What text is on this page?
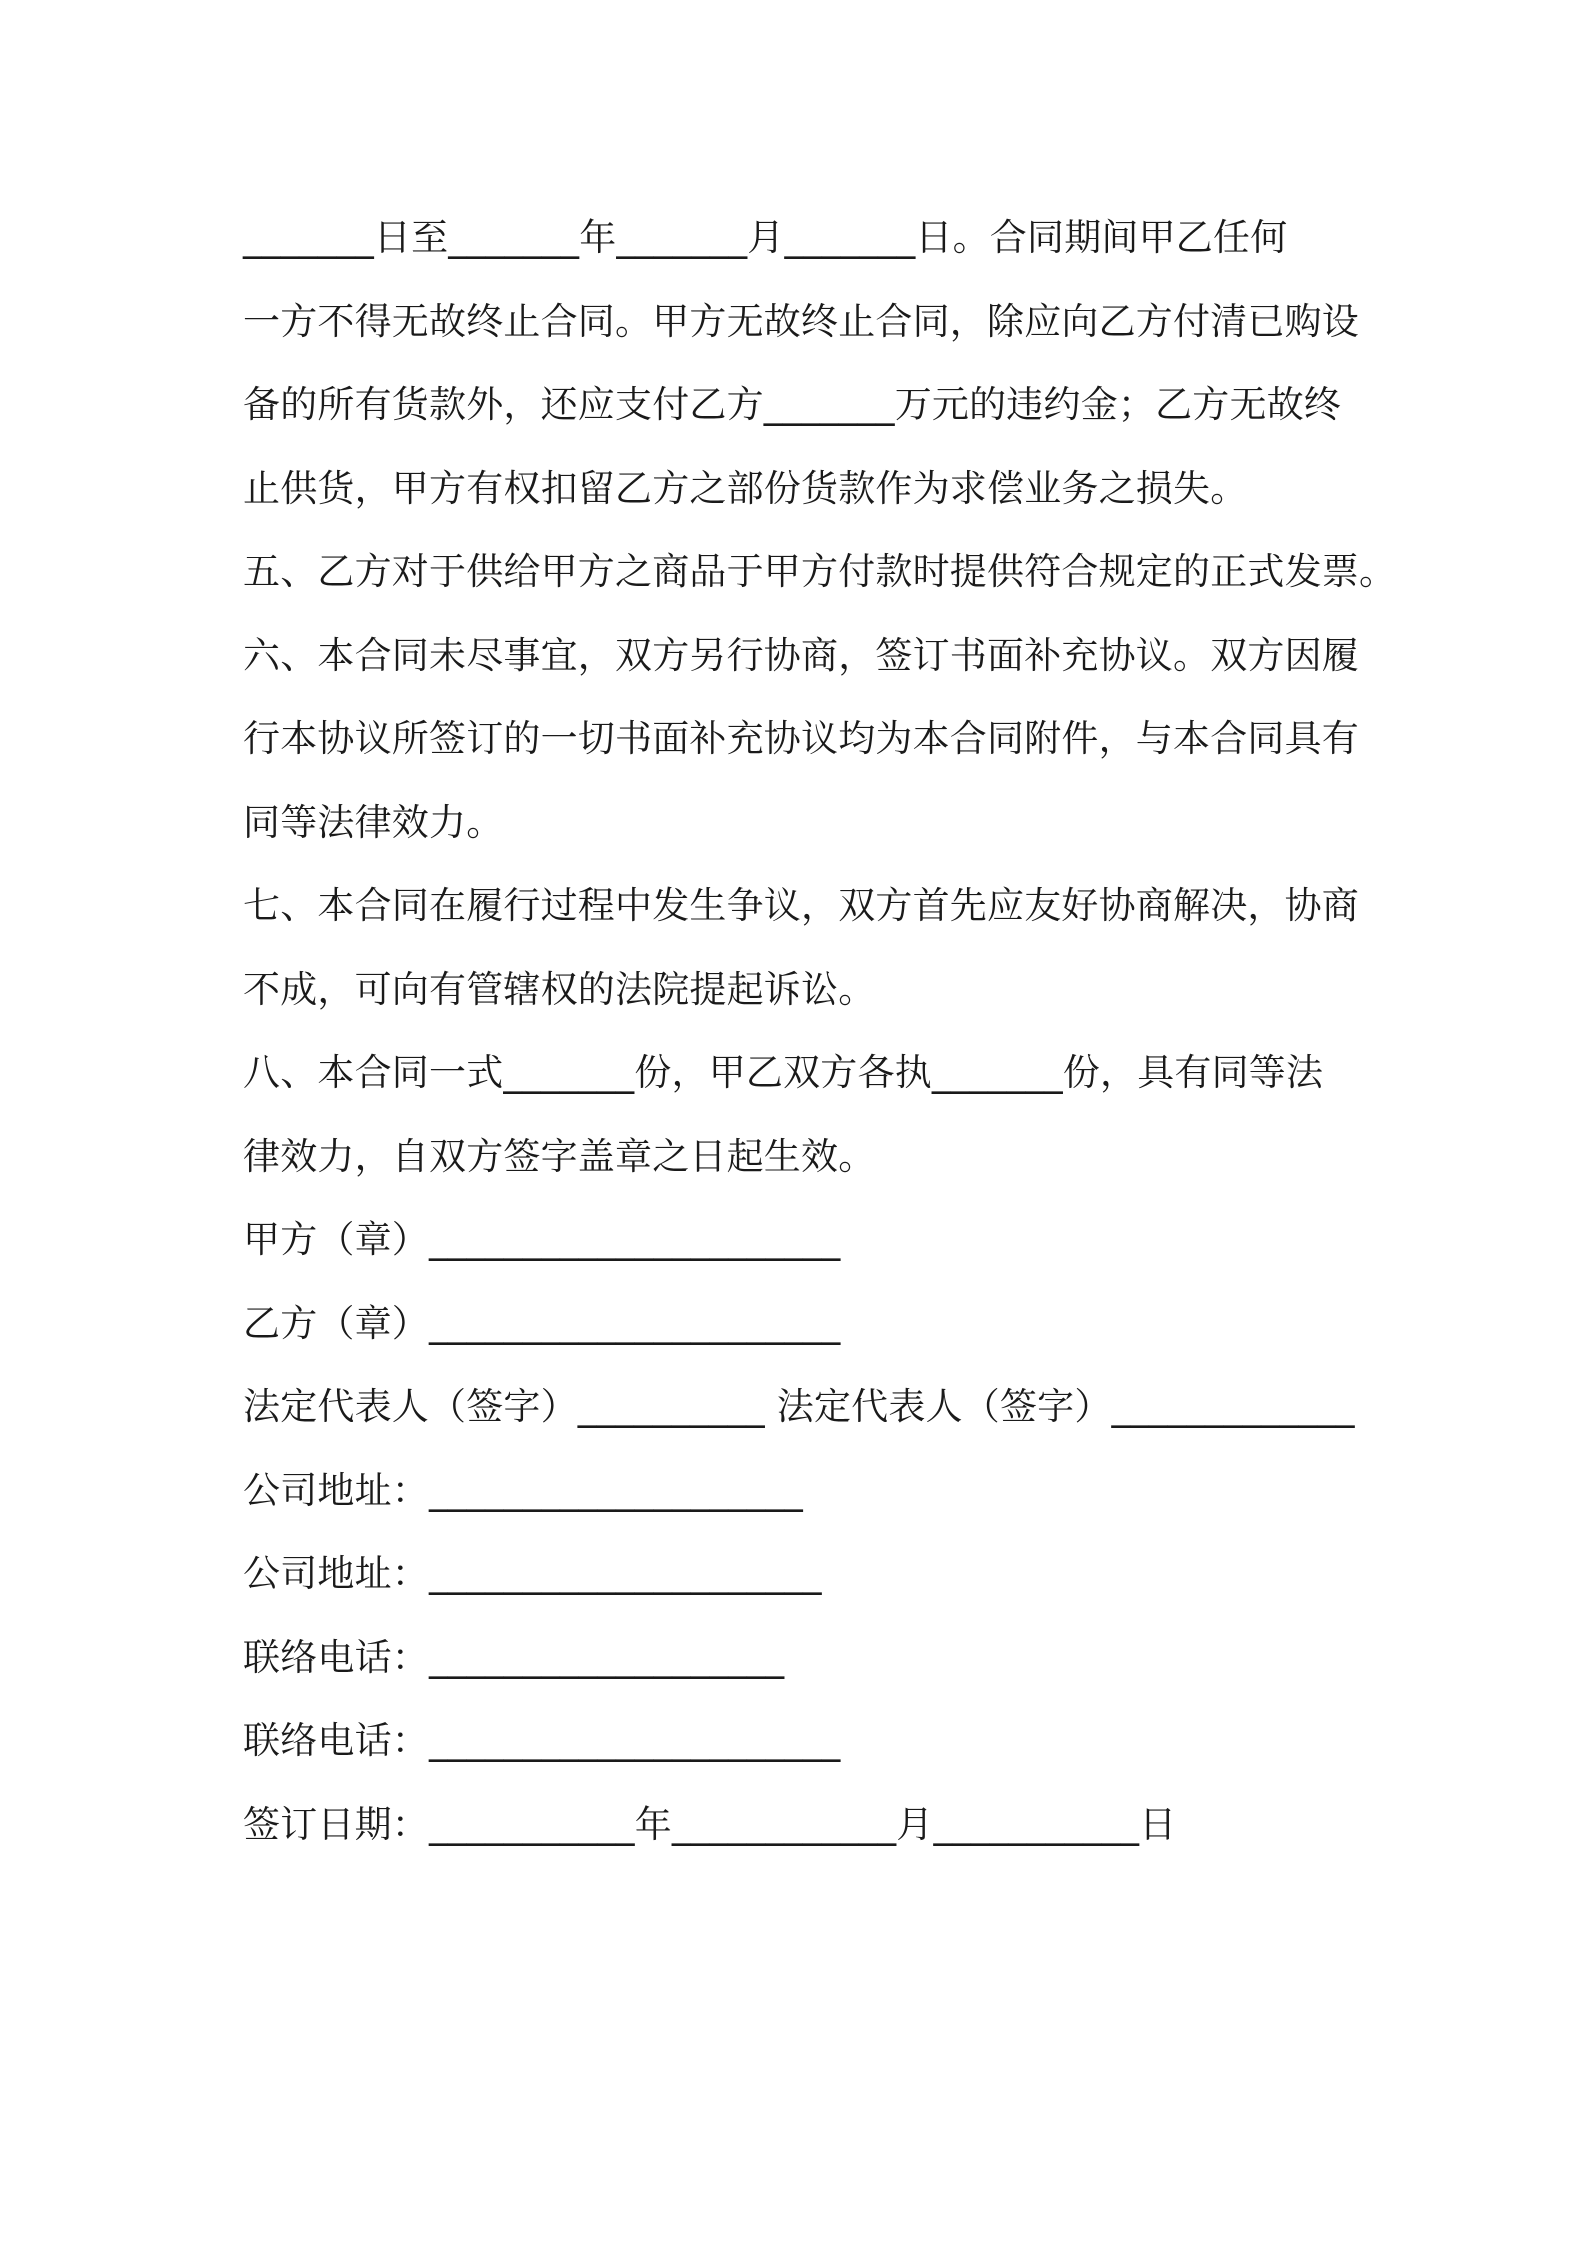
_______日至_______年_______月_______日。合同期间甲乙任何
一方不得无故终止合同。甲方无故终止合同，除应向乙方付清已购设
备的所有货款外，还应支付乙方_______万元的违约金；乙方无故终
止供货，甲方有权扣留乙方之部份货款作为求偿业务之损失。
五、乙方对于供给甲方之商品于甲方付款时提供符合规定的正式发票。
六、本合同未尽事宜，双方另行协商，签订书面补充协议。双方因履
行本协议所签订的一切书面补充协议均为本合同附件，与本合同具有
同等法律效力。
七、本合同在履行过程中发生争议，双方首先应友好协商解决，协商
不成，可向有管辖权的法院提起诉讼。
八、本合同一式_______份，甲乙双方各执_______份，具有同等法
律效力，自双方签字盖章之日起生效。
甲方（章）______________________
乙方（章）______________________
法定代表人（签字）__________ 法定代表人（签字）_____________
公司地址：____________________
公司地址：_____________________
联络电话：___________________
联络电话：______________________
签订日期：___________年____________月___________日
